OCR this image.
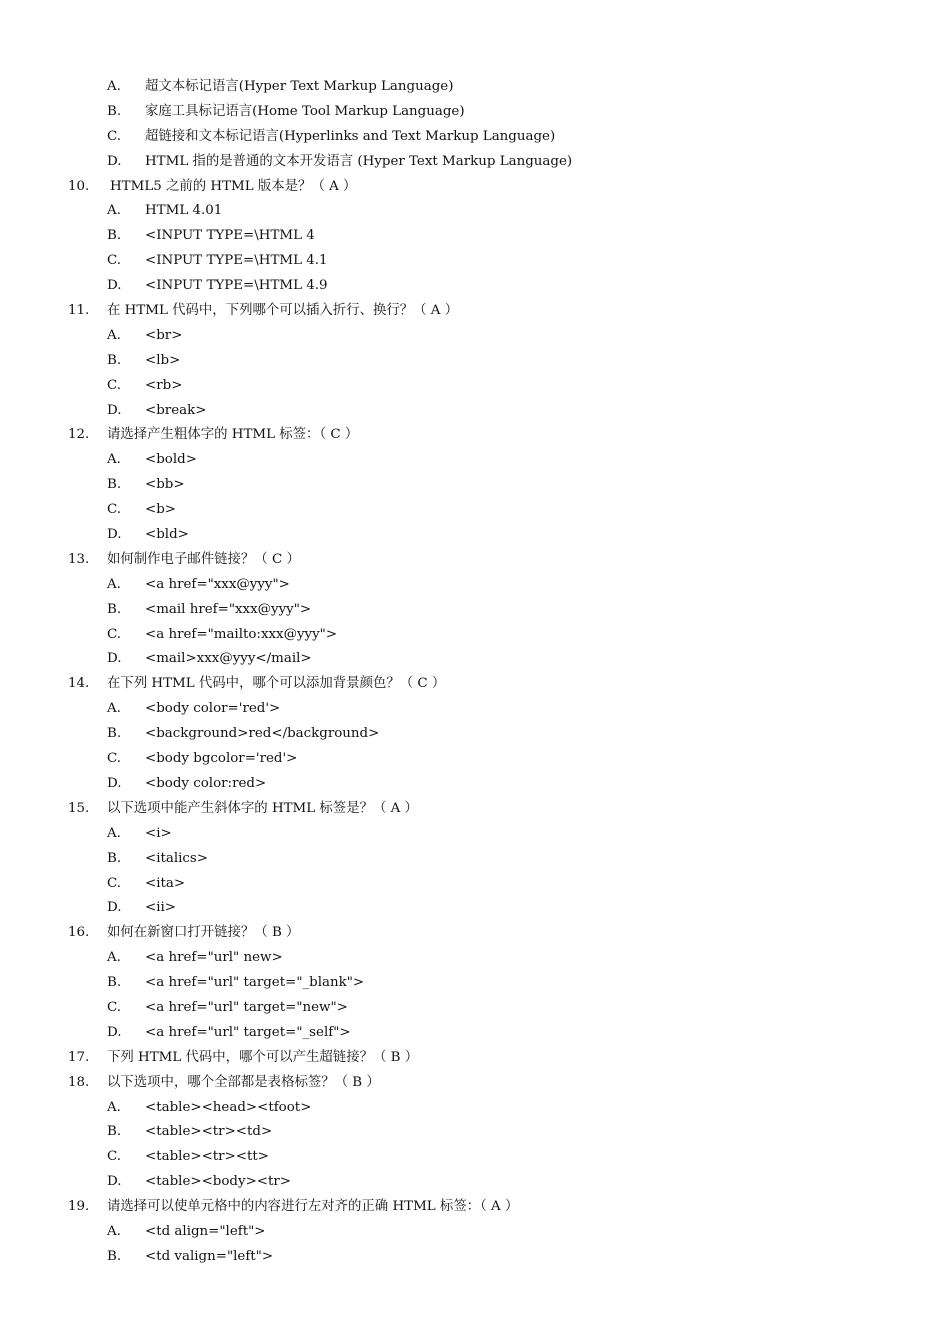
A. 超文本标记语言(Hyper Text Markup Language)
B. 家庭工具标记语言(Home Tool Markup Language)
C. 超链接和文本标记语言(Hyperlinks and Text Markup Language)
D. HTML 指的是普通的文本开发语言 (Hyper Text Markup Language)
10. HTML5 之前的 HTML 版本是？（ A ）
A. HTML 4.01
B. <INPUT TYPE=\HTML 4
C. <INPUT TYPE=\HTML 4.1
D. <INPUT TYPE=\HTML 4.9
11. 在 HTML 代码中，下列哪个可以插入折行、换行？（ A ）
A. <br>
B. <lb>
C. <rb>
D. <break>
12. 请选择产生粗体字的 HTML 标签：（ C ）
A. <bold>
B. <bb>
C. <b>
D. <bld>
13. 如何制作电子邮件链接？（ C ）
A. <a href="xxx@yyy">
B. <mail href="xxx@yyy">
C. <a href="mailto:xxx@yyy">
D. <mail>xxx@yyy</mail>
14. 在下列 HTML 代码中，哪个可以添加背景颜色？（ C ）
A. <body color='red'>
B. <background>red</background>
C. <body bgcolor='red'>
D. <body color:red>
15. 以下选项中能产生斜体字的 HTML 标签是？（ A ）
A. <i>
B. <italics>
C. <ita>
D. <ii>
16. 如何在新窗口打开链接？（ B ）
A. <a href="url" new>
B. <a href="url" target="_blank">
C. <a href="url" target="new">
D. <a href="url" target="_self">
17. 下列 HTML 代码中，哪个可以产生超链接？（ B ）
18. 以下选项中，哪个全部都是表格标签？（ B ）
A. <table><head><tfoot>
B. <table><tr><td>
C. <table><tr><tt>
D. <table><body><tr>
19. 请选择可以使单元格中的内容进行左对齐的正确 HTML 标签：（ A ）
A. <td align="left">
B. <td valign="left">
